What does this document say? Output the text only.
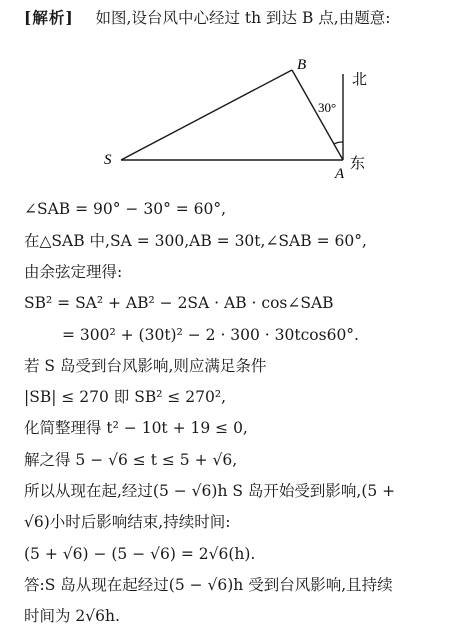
[解析] 如图,设台风中心经过 th 到达 B 点,由题意:
B
S
A
北
东
30°
∠SAB = 90° − 30° = 60°,
在△SAB 中,SA = 300,AB = 30t,∠SAB = 60°,
由余弦定理得:
SB² = SA² + AB² − 2SA · AB · cos∠SAB
= 300² + (30t)² − 2 · 300 · 30tcos60°.
若 S 岛受到台风影响,则应满足条件
|SB| ≤ 270 即 SB² ≤ 270²,
化简整理得 t² − 10t + 19 ≤ 0,
解之得 5 − √6 ≤ t ≤ 5 + √6,
所以从现在起,经过(5 − √6)h S 岛开始受到影响,(5 +
√6)小时后影响结束,持续时间:
(5 + √6) − (5 − √6) = 2√6(h).
答:S 岛从现在起经过(5 − √6)h 受到台风影响,且持续
时间为 2√6h.
